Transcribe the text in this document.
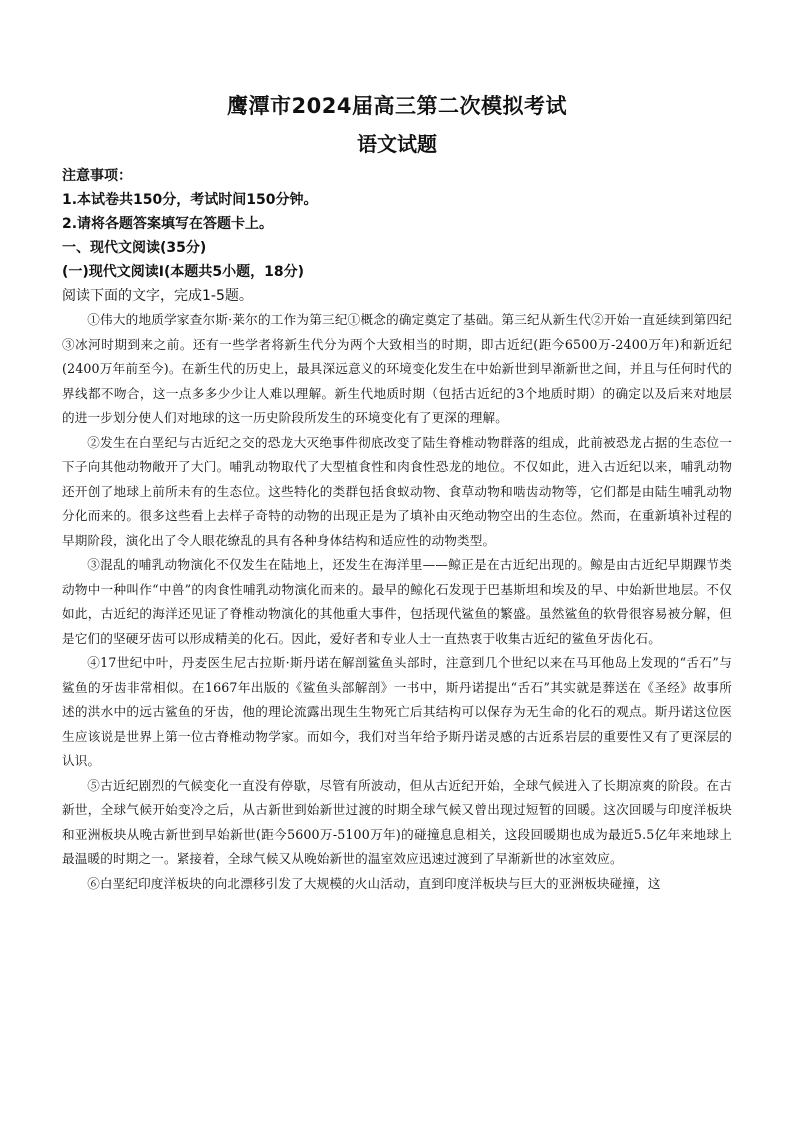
鹰潭市2024届高三第二次模拟考试
语文试题

注意事项：

1.本试卷共150分，考试时间150分钟。

2.请将各题答案填写在答题卡上。

一、现代文阅读(35分)

(一)现代文阅读Ⅰ(本题共5小题，18分)

阅读下面的文字，完成1-5题。

①伟大的地质学家查尔斯·莱尔的工作为第三纪①概念的确定奠定了基础。第三纪从新生代②开始一直延续到第四纪③冰河时期到来之前。还有一些学者将新生代分为两个大致相当的时期，即古近纪(距今6500万-2400万年)和新近纪(2400万年前至今)。在新生代的历史上，最具深远意义的环境变化发生在中始新世到早渐新世之间，并且与任何时代的界线都不吻合，这一点多多少少让人难以理解。新生代地质时期（包括古近纪的3个地质时期）的确定以及后来对地层的进一步划分使人们对地球的这一历史阶段所发生的环境变化有了更深的理解。

②发生在白垩纪与古近纪之交的恐龙大灭绝事件彻底改变了陆生脊椎动物群落的组成，此前被恐龙占据的生态位一下子向其他动物敞开了大门。哺乳动物取代了大型植食性和肉食性恐龙的地位。不仅如此，进入古近纪以来，哺乳动物还开创了地球上前所未有的生态位。这些特化的类群包括食蚁动物、食草动物和啮齿动物等，它们都是由陆生哺乳动物分化而来的。很多这些看上去样子奇特的动物的出现正是为了填补由灭绝动物空出的生态位。然而，在重新填补过程的早期阶段，演化出了令人眼花缭乱的具有各种身体结构和适应性的动物类型。

③混乱的哺乳动物演化不仅发生在陆地上，还发生在海洋里——鲸正是在古近纪出现的。鲸是由古近纪早期踝节类动物中一种叫作“中兽”的肉食性哺乳动物演化而来的。最早的鲸化石发现于巴基斯坦和埃及的早、中始新世地层。不仅如此，古近纪的海洋还见证了脊椎动物演化的其他重大事件，包括现代鲨鱼的繁盛。虽然鲨鱼的软骨很容易被分解，但是它们的坚硬牙齿可以形成精美的化石。因此，爱好者和专业人士一直热衷于收集古近纪的鲨鱼牙齿化石。

④17世纪中叶，丹麦医生尼古拉斯·斯丹诺在解剖鲨鱼头部时，注意到几个世纪以来在马耳他岛上发现的“舌石”与鲨鱼的牙齿非常相似。在1667年出版的《鲨鱼头部解剖》一书中，斯丹诺提出“舌石”其实就是葬送在《圣经》故事所述的洪水中的远古鲨鱼的牙齿，他的理论流露出现生生物死亡后其结构可以保存为无生命的化石的观点。斯丹诺这位医生应该说是世界上第一位古脊椎动物学家。而如今，我们对当年给予斯丹诺灵感的古近系岩层的重要性又有了更深层的认识。

⑤古近纪剧烈的气候变化一直没有停歇，尽管有所波动，但从古近纪开始，全球气候进入了长期凉爽的阶段。在古新世，全球气候开始变冷之后，从古新世到始新世过渡的时期全球气候又曾出现过短暂的回暖。这次回暖与印度洋板块和亚洲板块从晚古新世到早始新世(距今5600万-5100万年)的碰撞息息相关，这段回暖期也成为最近5.5亿年来地球上最温暖的时期之一。紧接着，全球气候又从晚始新世的温室效应迅速过渡到了早渐新世的冰室效应。

⑥白垩纪印度洋板块的向北漂移引发了大规模的火山活动，直到印度洋板块与巨大的亚洲板块碰撞，这
